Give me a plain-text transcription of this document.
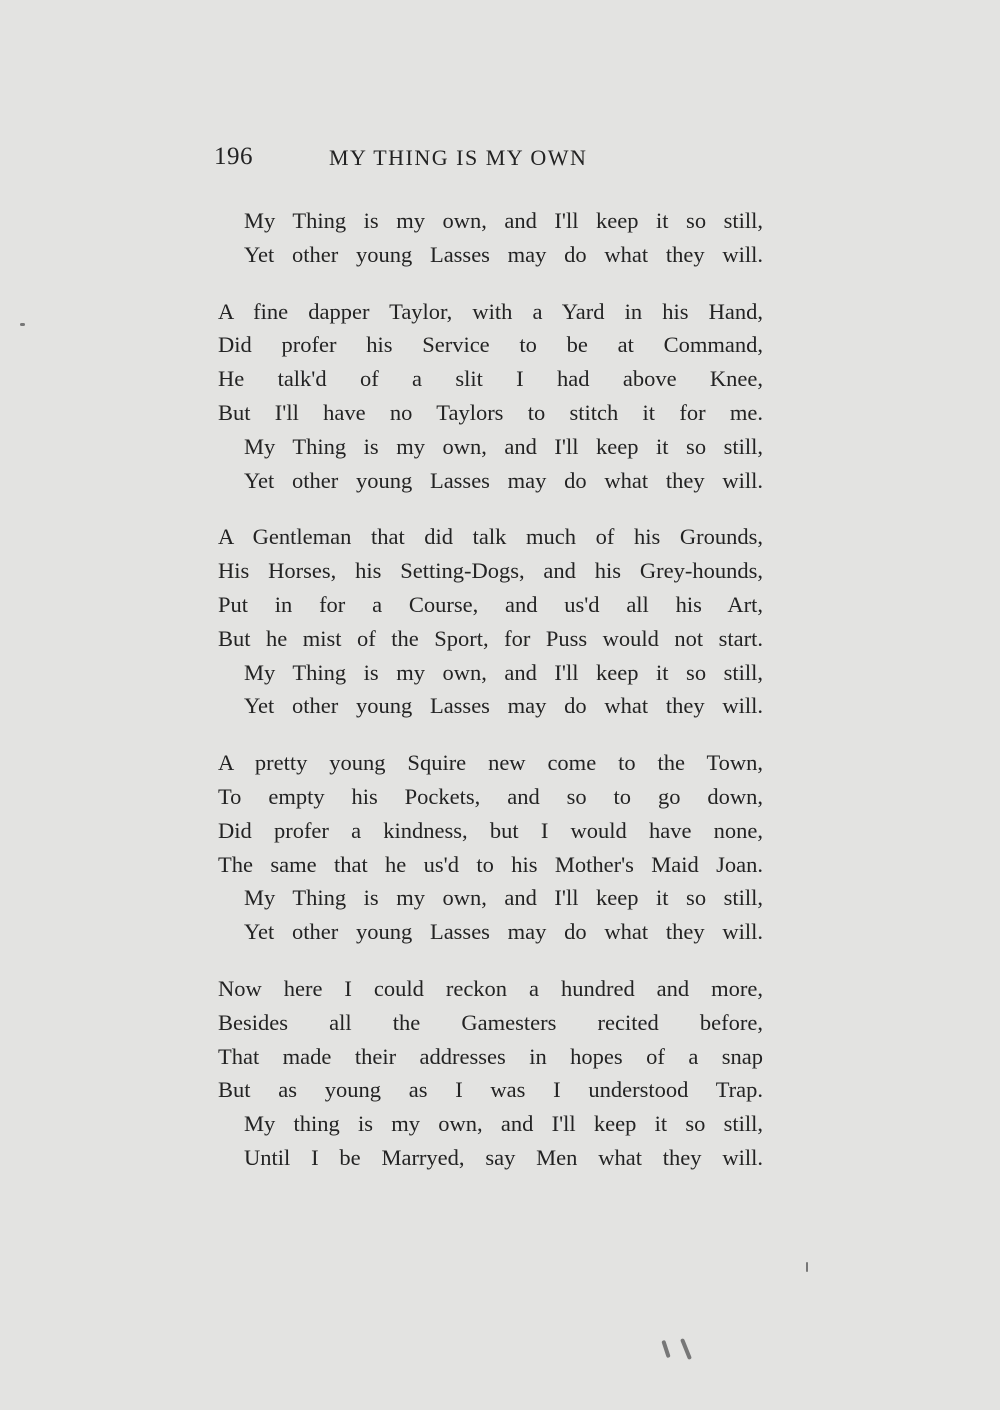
196	MY THING IS MY OWN
My Thing is my own, and I'll keep it so still,
Yet other young Lasses may do what they will.
A fine dapper Taylor, with a Yard in his Hand,
Did profer his Service to be at Command,
He talk'd of a slit I had above Knee,
But I'll have no Taylors to stitch it for me.
My Thing is my own, and I'll keep it so still,
Yet other young Lasses may do what they will.
A Gentleman that did talk much of his Grounds,
His Horses, his Setting-Dogs, and his Grey-hounds,
Put in for a Course, and us'd all his Art,
But he mist of the Sport, for Puss would not start.
My Thing is my own, and I'll keep it so still,
Yet other young Lasses may do what they will.
A pretty young Squire new come to the Town,
To empty his Pockets, and so to go down,
Did profer a kindness, but I would have none,
The same that he us'd to his Mother's Maid Joan.
My Thing is my own, and I'll keep it so still,
Yet other young Lasses may do what they will.
Now here I could reckon a hundred and more,
Besides all the Gamesters recited before,
That made their addresses in hopes of a snap
But as young as I was I understood Trap.
My thing is my own, and I'll keep it so still,
Until I be Marryed, say Men what they will.
